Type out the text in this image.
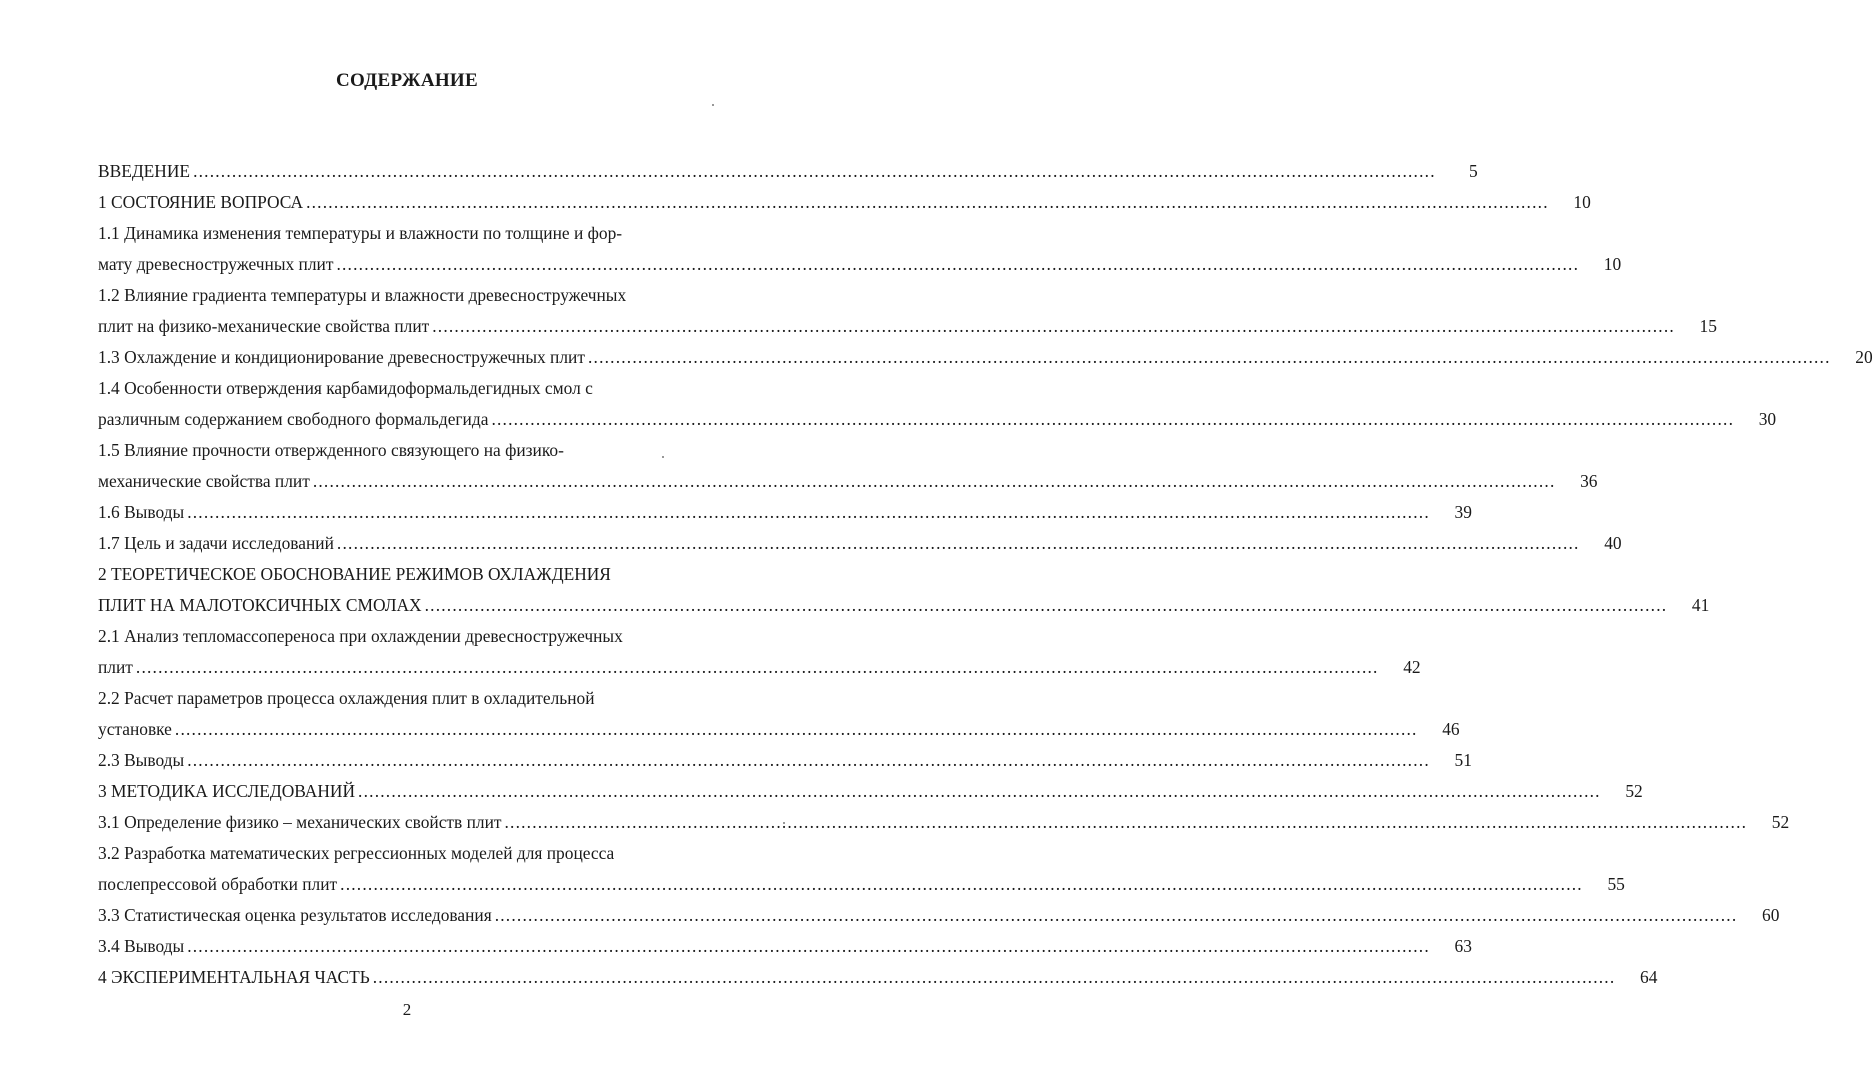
СОДЕРЖАНИЕ
ВВЕДЕНИЕ .....	5
1 СОСТОЯНИЕ ВОПРОСА .....	10
1.1 Динамика изменения температуры и влажности по толщине и фор-
мату древесностружечных плит .....	10
1.2 Влияние градиента температуры и влажности древесностружечных
плит на физико-механические свойства плит .....	15
1.3 Охлаждение и кондиционирование древесностружечных плит .....	20
1.4 Особенности отверждения карбамидоформальдегидных смол с
различным содержанием свободного формальдегида .....	30
1.5 Влияние прочности отвержденного связующего на физико-
механические свойства плит .....	36
1.6 Выводы .....	39
1.7 Цель и задачи исследований .....	40
2 ТЕОРЕТИЧЕСКОЕ ОБОСНОВАНИЕ РЕЖИМОВ ОХЛАЖДЕНИЯ
ПЛИТ НА МАЛОТОКСИЧНЫХ СМОЛАХ .....	41
2.1 Анализ тепломассопереноса при охлаждении древесностружечных
плит .....	42
2.2 Расчет параметров процесса охлаждения плит в охладительной
установке .....	46
2.3 Выводы .....	51
3 МЕТОДИКА ИССЛЕДОВАНИЙ .....	52
3.1 Определение физико – механических свойств плит .....	52
3.2 Разработка математических регрессионных моделей для процесса
послепрессовой обработки плит .....	55
3.3 Статистическая оценка результатов исследования .....	60
3.4 Выводы .....	63
4 ЭКСПЕРИМЕНТАЛЬНАЯ ЧАСТЬ .....	64
2
